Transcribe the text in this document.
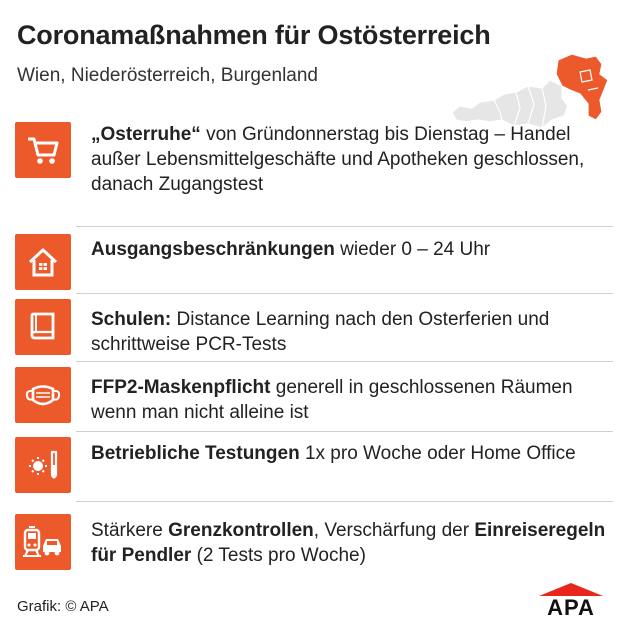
Coronamaßnahmen für Ostösterreich
Wien, Niederösterreich, Burgenland
„Osterruhe“ von Gründonnerstag bis Dienstag – Handel außer Lebensmittelgeschäfte und Apotheken geschlossen, danach Zugangstest
Ausgangsbeschränkungen wieder 0 – 24 Uhr
Schulen: Distance Learning nach den Osterferien und schrittweise PCR-Tests
FFP2-Maskenpflicht generell in geschlossenen Räumen wenn man nicht alleine ist
Betriebliche Testungen 1x pro Woche oder Home Office
Stärkere Grenzkontrollen, Verschärfung der Einreiseregeln für Pendler (2 Tests pro Woche)
Grafik: © APA	APA
